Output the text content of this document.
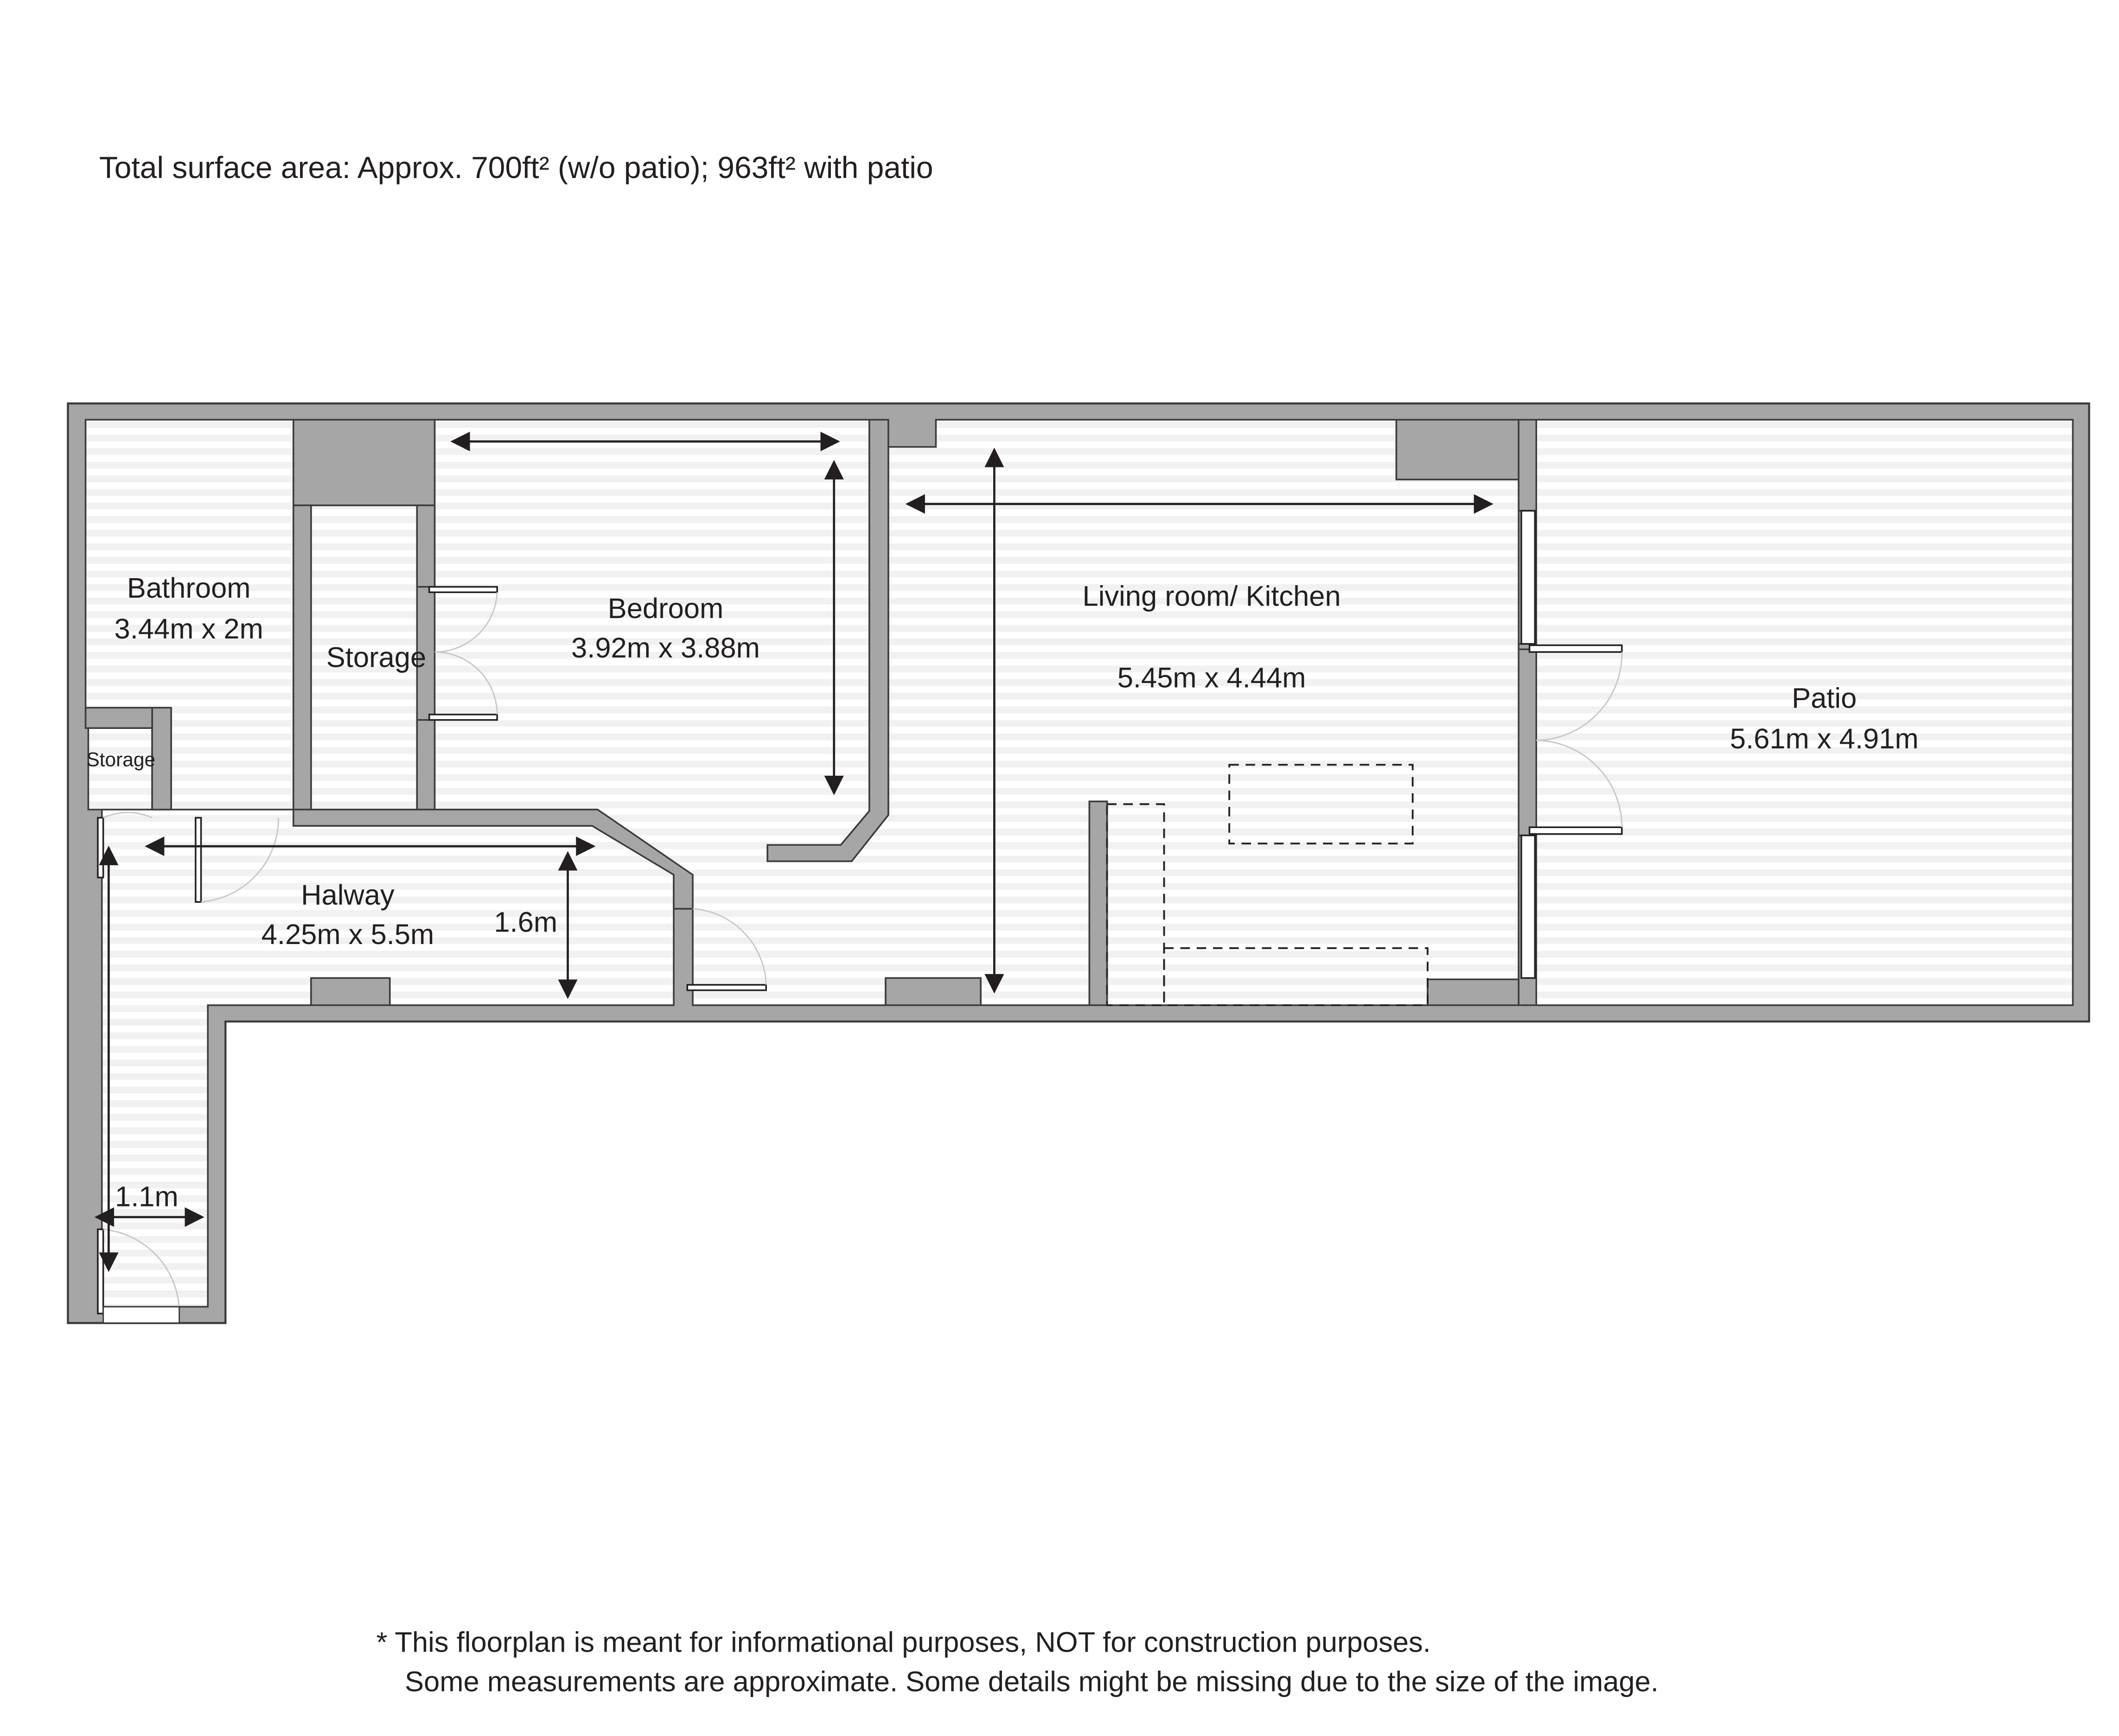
Total surface area: Approx. 700ft² (w/o patio); 963ft² with patio
Bathroom
3.44m x 2m
Storage
Storage
Bedroom
3.92m x 3.88m
Living room/ Kitchen
5.45m x 4.44m
Patio
5.61m x 4.91m
Halway
4.25m x 5.5m	1.6m
1.1m
* This floorplan is meant for informational purposes, NOT for construction purposes.
Some measurements are approximate. Some details might be missing due to the size of the image.
